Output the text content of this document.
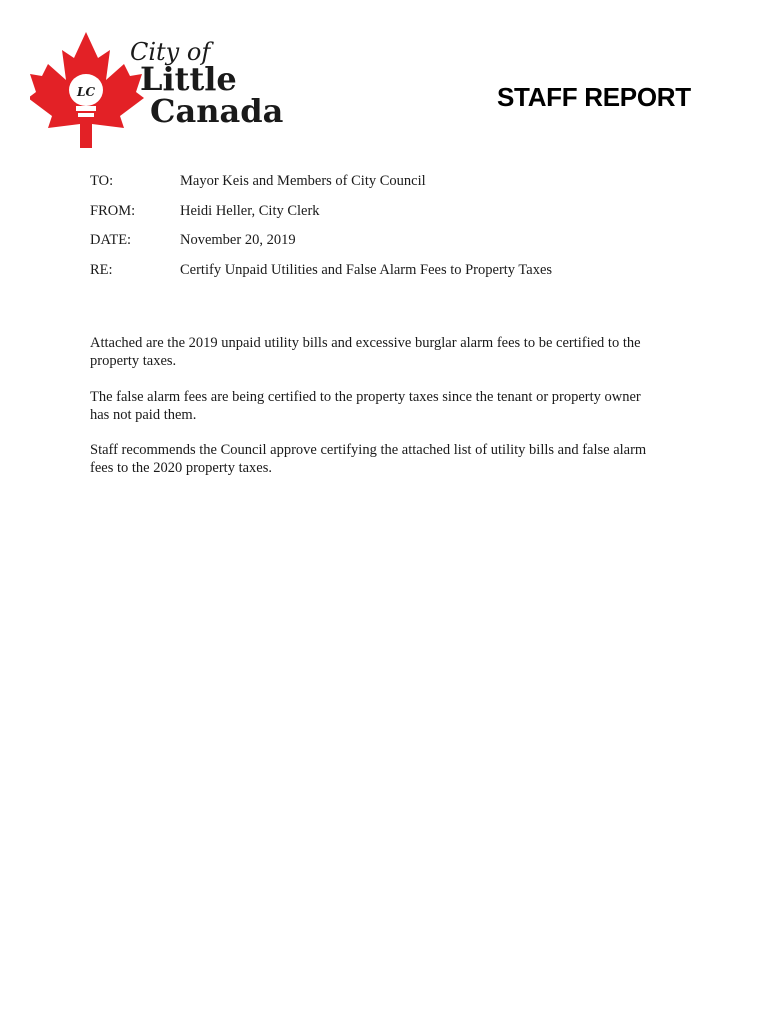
LC
City of
Little
Canada	STAFF REPORT
TO:	Mayor Keis and Members of City Council
FROM:	Heidi Heller, City Clerk
DATE:	November 20, 2019
RE:	Certify Unpaid Utilities and False Alarm Fees to Property Taxes

Attached are the 2019 unpaid utility bills and excessive burglar alarm fees to be certified to the
property taxes.

The false alarm fees are being certified to the property taxes since the tenant or property owner
has not paid them.

Staff recommends the Council approve certifying the attached list of utility bills and false alarm
fees to the 2020 property taxes.
